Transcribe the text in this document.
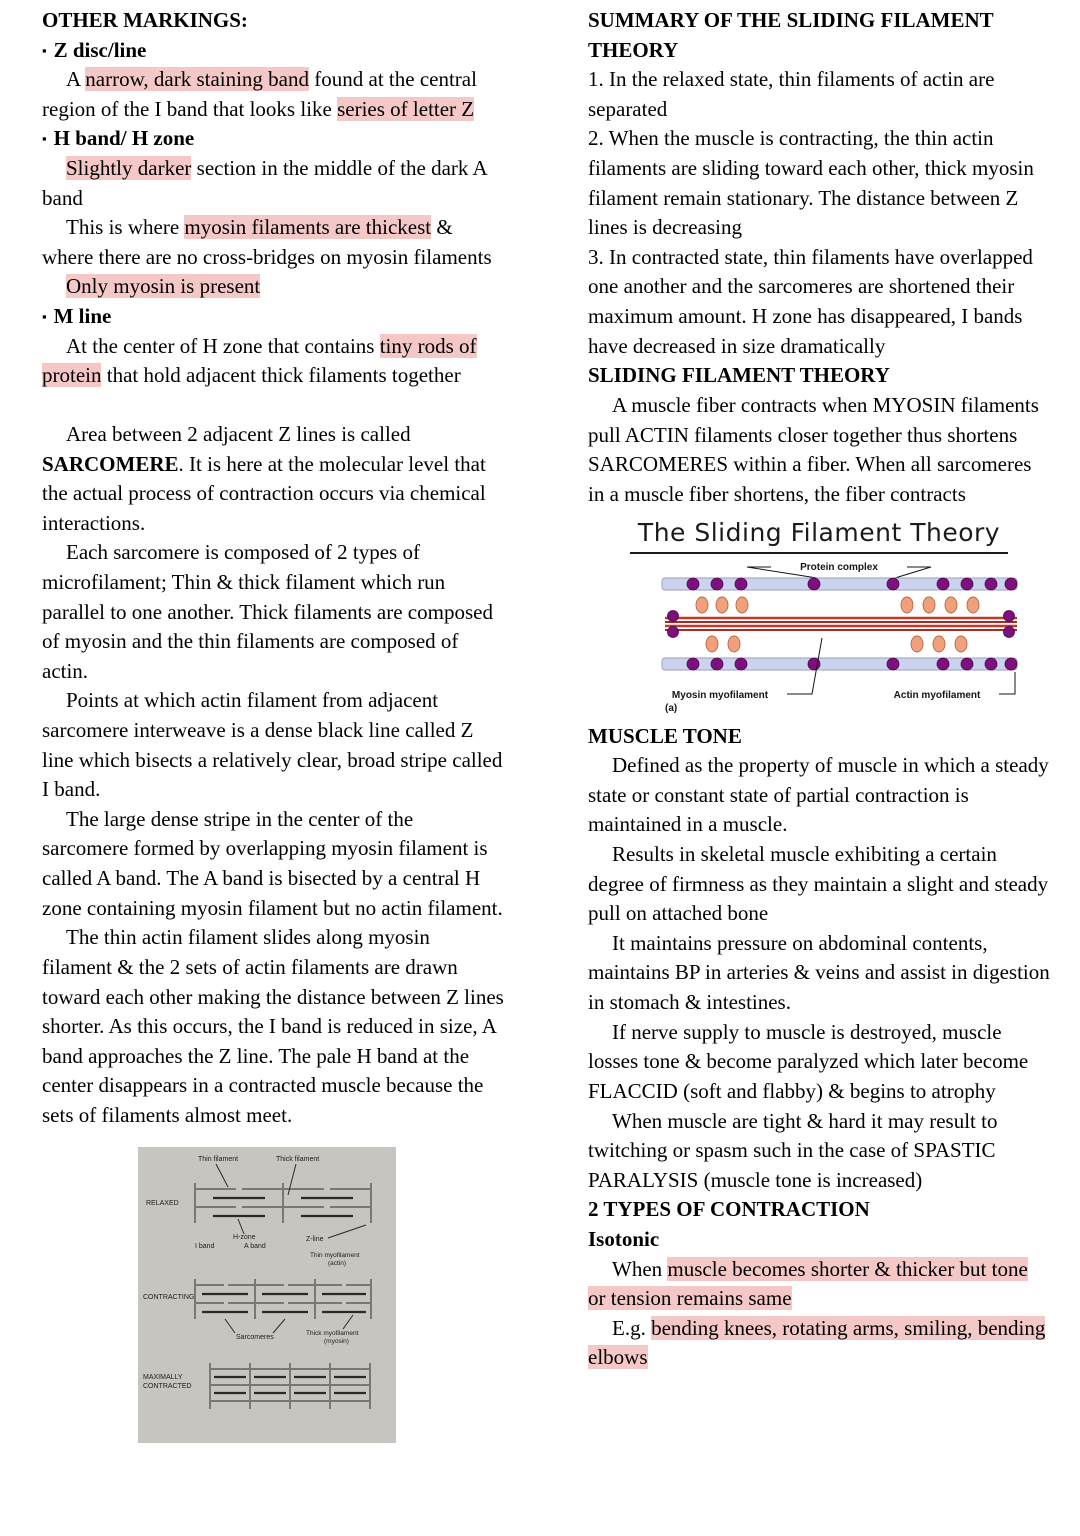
OTHER MARKINGS:

▪ Z disc/line

A narrow, dark staining band found at the central region of the I band that looks like series of letter Z

▪ H band/ H zone

Slightly darker section in the middle of the dark A band

This is where myosin filaments are thickest & where there are no cross-bridges on myosin filaments

Only myosin is present

▪ M line

At the center of H zone that contains tiny rods of protein that hold adjacent thick filaments together

Area between 2 adjacent Z lines is called SARCOMERE. It is here at the molecular level that the actual process of contraction occurs via chemical interactions.

Each sarcomere is composed of 2 types of microfilament; Thin & thick filament which run parallel to one another. Thick filaments are composed of myosin and the thin filaments are composed of actin.

Points at which actin filament from adjacent sarcomere interweave is a dense black line called Z line which bisects a relatively clear, broad stripe called I band.

The large dense stripe in the center of the sarcomere formed by overlapping myosin filament is called A band. The A band is bisected by a central H zone containing myosin filament but no actin filament.

The thin actin filament slides along myosin filament & the 2 sets of actin filaments are drawn toward each other making the distance between Z lines shorter. As this occurs, the I band is reduced in size, A band approaches the Z line. The pale H band at the center disappears in a contracted muscle because the sets of filaments almost meet.

Thin filament	Thick filament
RELAXED
H-zone
I band	A band
Z-line
Thin myofilament
(actin)
CONTRACTING
Thick myofilament
(myosin)
Sarcomeres
MAXIMALLY
CONTRACTED
SUMMARY OF THE SLIDING FILAMENT THEORY

1. In the relaxed state, thin filaments of actin are separated

2. When the muscle is contracting, the thin actin filaments are sliding toward each other, thick myosin filament remain stationary. The distance between Z lines is decreasing

3. In contracted state, thin filaments have overlapped one another and the sarcomeres are shortened their maximum amount. H zone has disappeared, I bands have decreased in size dramatically

SLIDING FILAMENT THEORY

A muscle fiber contracts when MYOSIN filaments pull ACTIN filaments closer together thus shortens SARCOMERES within a fiber. When all sarcomeres in a muscle fiber shortens, the fiber contracts

The Sliding Filament Theory
Protein complex
Myosin myofilament	Actin myofilament
(a)
MUSCLE TONE

Defined as the property of muscle in which a steady state or constant state of partial contraction is maintained in a muscle.

Results in skeletal muscle exhibiting a certain degree of firmness as they maintain a slight and steady pull on attached bone

It maintains pressure on abdominal contents, maintains BP in arteries & veins and assist in digestion in stomach & intestines.

If nerve supply to muscle is destroyed, muscle losses tone & become paralyzed which later become FLACCID (soft and flabby) & begins to atrophy

When muscle are tight & hard it may result to twitching or spasm such in the case of SPASTIC PARALYSIS (muscle tone is increased)

2 TYPES OF CONTRACTION
Isotonic

When muscle becomes shorter & thicker but tone or tension remains same

E.g. bending knees, rotating arms, smiling, bending elbows
